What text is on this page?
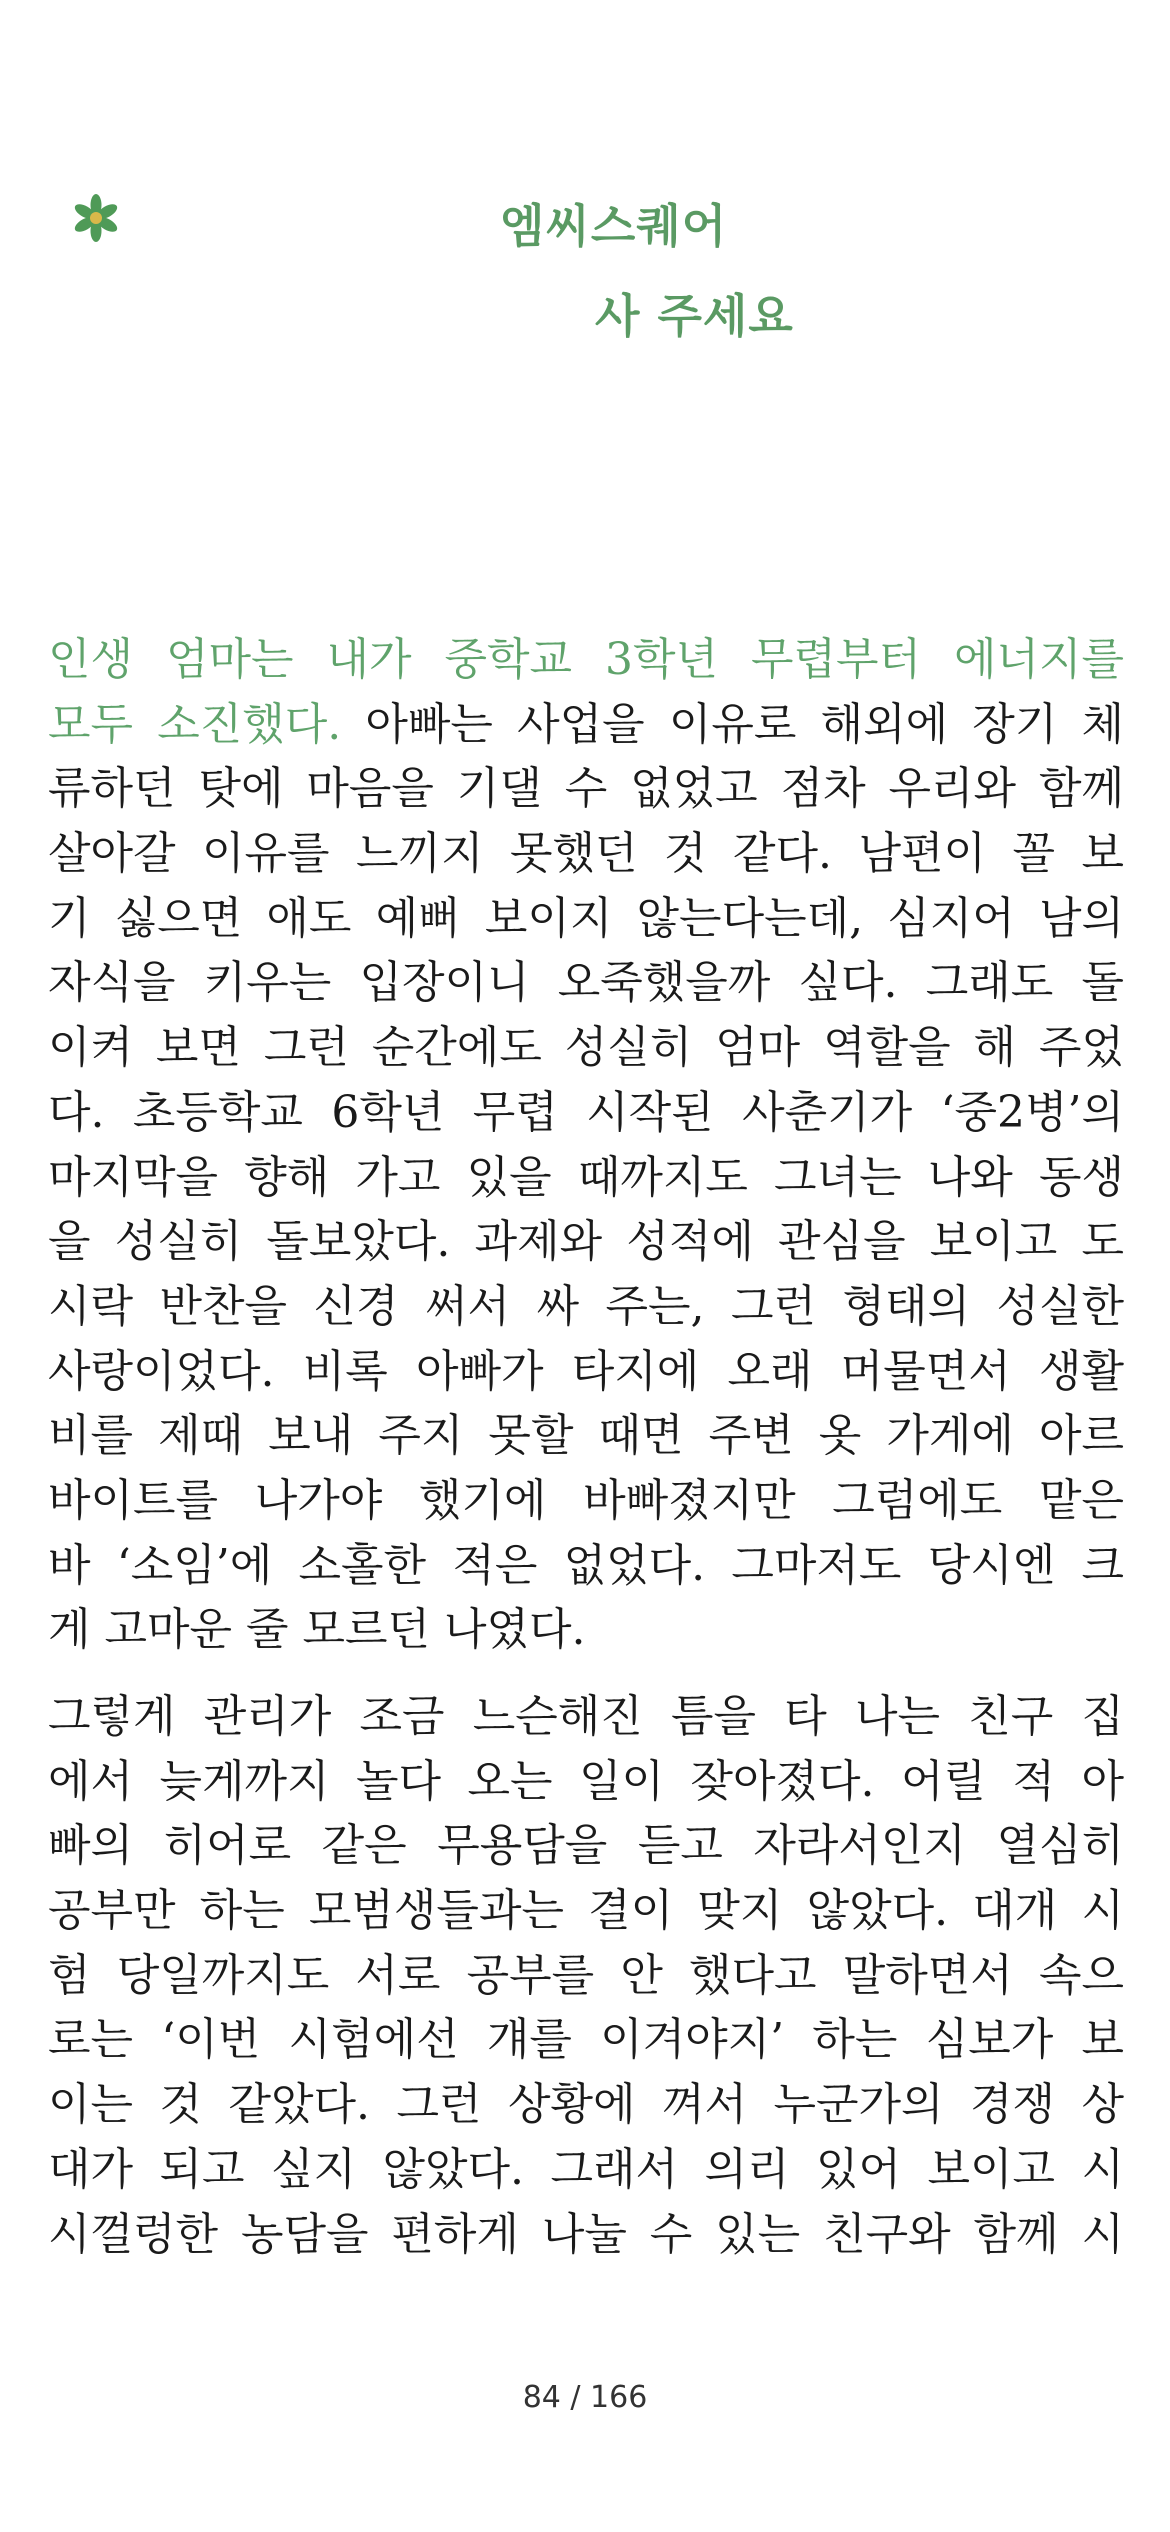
엠씨스퀘어
사 주세요
인생 엄마는 내가 중학교 3학년 무렵부터 에너지를
모두 소진했다. 아빠는 사업을 이유로 해외에 장기 체
류하던 탓에 마음을 기댈 수 없었고 점차 우리와 함께
살아갈 이유를 느끼지 못했던 것 같다. 남편이 꼴 보
기 싫으면 애도 예뻐 보이지 않는다는데, 심지어 남의
자식을 키우는 입장이니 오죽했을까 싶다. 그래도 돌
이켜 보면 그런 순간에도 성실히 엄마 역할을 해 주었
다. 초등학교 6학년 무렵 시작된 사춘기가 ‘중2병’의
마지막을 향해 가고 있을 때까지도 그녀는 나와 동생
을 성실히 돌보았다. 과제와 성적에 관심을 보이고 도
시락 반찬을 신경 써서 싸 주는, 그런 형태의 성실한
사랑이었다. 비록 아빠가 타지에 오래 머물면서 생활
비를 제때 보내 주지 못할 때면 주변 옷 가게에 아르
바이트를 나가야 했기에 바빠졌지만 그럼에도 맡은
바 ‘소임’에 소홀한 적은 없었다. 그마저도 당시엔 크
게 고마운 줄 모르던 나였다.
그렇게 관리가 조금 느슨해진 틈을 타 나는 친구 집
에서 늦게까지 놀다 오는 일이 잦아졌다. 어릴 적 아
빠의 히어로 같은 무용담을 듣고 자라서인지 열심히
공부만 하는 모범생들과는 결이 맞지 않았다. 대개 시
험 당일까지도 서로 공부를 안 했다고 말하면서 속으
로는 ‘이번 시험에선 걔를 이겨야지’ 하는 심보가 보
이는 것 같았다. 그런 상황에 껴서 누군가의 경쟁 상
대가 되고 싶지 않았다. 그래서 의리 있어 보이고 시
시껄렁한 농담을 편하게 나눌 수 있는 친구와 함께 시
84 / 166
